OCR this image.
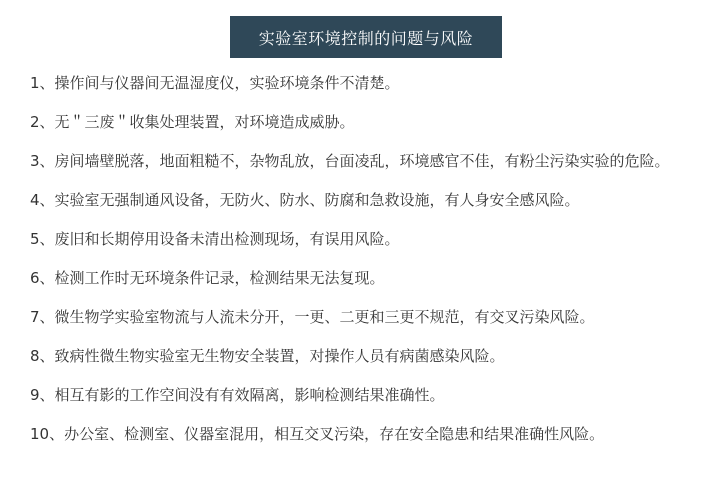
实验室环境控制的问题与风险
1、操作间与仪器间无温湿度仪，实验环境条件不清楚。
2、无＂三废＂收集处理装置，对环境造成威胁。
3、房间墙壁脱落，地面粗糙不，杂物乱放，台面凌乱，环境感官不佳，有粉尘污染实验的危险。
4、实验室无强制通风设备，无防火、防水、防腐和急救设施，有人身安全感风险。
5、废旧和长期停用设备未清出检测现场，有误用风险。
6、检测工作时无环境条件记录，检测结果无法复现。
7、微生物学实验室物流与人流未分开，一更、二更和三更不规范，有交叉污染风险。
8、致病性微生物实验室无生物安全装置，对操作人员有病菌感染风险。
9、相互有影的工作空间没有有效隔离，影响检测结果准确性。
10、办公室、检测室、仪器室混用，相互交叉污染，存在安全隐患和结果准确性风险。
